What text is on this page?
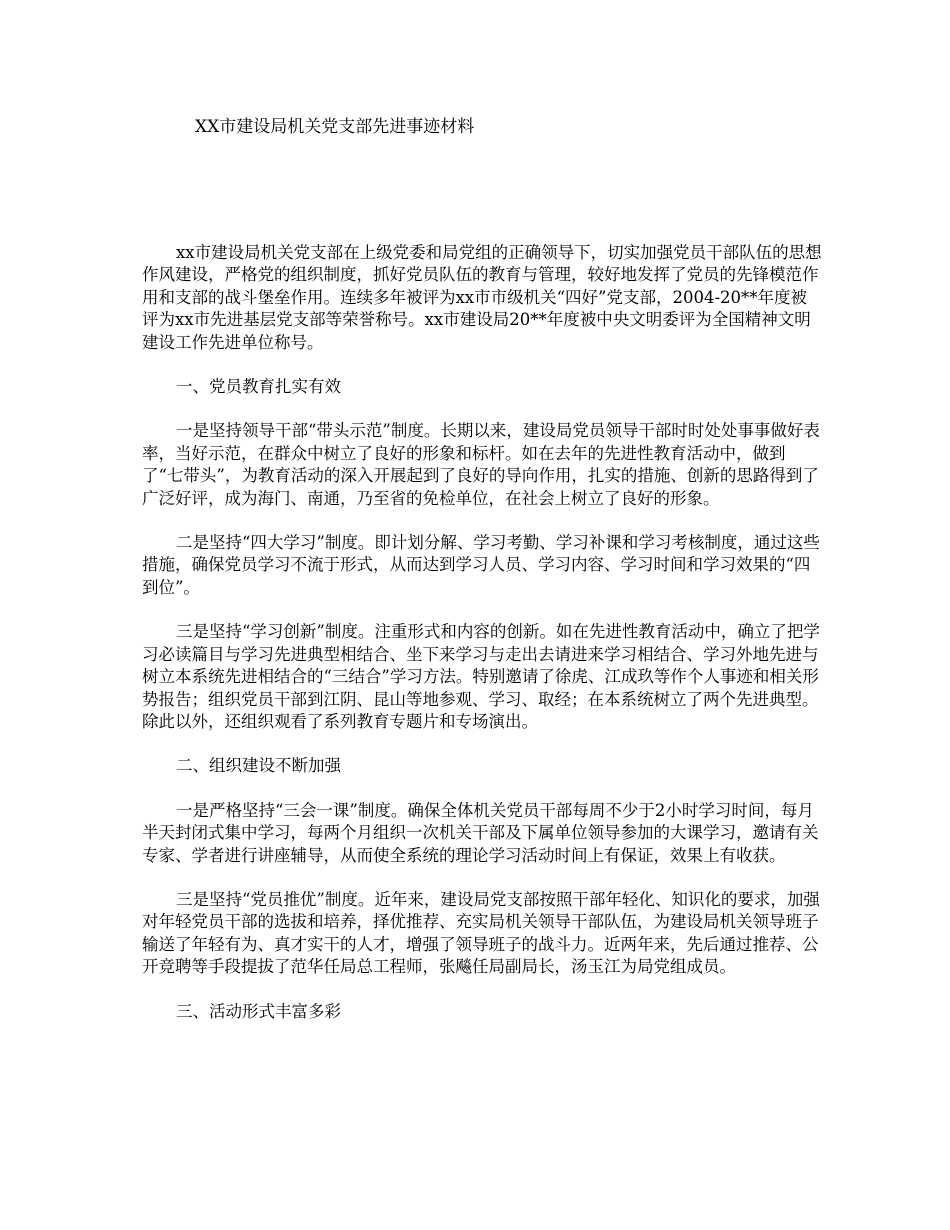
XX市建设局机关党支部先进事迹材料

xx市建设局机关党支部在上级党委和局党组的正确领导下，切实加强党员干部队伍的思想作风建设，严格党的组织制度，抓好党员队伍的教育与管理，较好地发挥了党员的先锋模范作用和支部的战斗堡垒作用。连续多年被评为xx市市级机关“四好”党支部，2004-20**年度被评为xx市先进基层党支部等荣誉称号。xx市建设局20**年度被中央文明委评为全国精神文明建设工作先进单位称号。

一、党员教育扎实有效

一是坚持领导干部“带头示范”制度。长期以来，建设局党员领导干部时时处处事事做好表率，当好示范，在群众中树立了良好的形象和标杆。如在去年的先进性教育活动中，做到了“七带头”，为教育活动的深入开展起到了良好的导向作用，扎实的措施、创新的思路得到了广泛好评，成为海门、南通，乃至省的免检单位，在社会上树立了良好的形象。

二是坚持“四大学习”制度。即计划分解、学习考勤、学习补课和学习考核制度，通过这些措施，确保党员学习不流于形式，从而达到学习人员、学习内容、学习时间和学习效果的“四到位”。

三是坚持“学习创新”制度。注重形式和内容的创新。如在先进性教育活动中，确立了把学习必读篇目与学习先进典型相结合、坐下来学习与走出去请进来学习相结合、学习外地先进与树立本系统先进相结合的“三结合”学习方法。特别邀请了徐虎、江成玖等作个人事迹和相关形势报告；组织党员干部到江阴、昆山等地参观、学习、取经；在本系统树立了两个先进典型。除此以外，还组织观看了系列教育专题片和专场演出。

二、组织建设不断加强

一是严格坚持“三会一课”制度。确保全体机关党员干部每周不少于2小时学习时间，每月半天封闭式集中学习，每两个月组织一次机关干部及下属单位领导参加的大课学习，邀请有关专家、学者进行讲座辅导，从而使全系统的理论学习活动时间上有保证，效果上有收获。

三是坚持“党员推优”制度。近年来，建设局党支部按照干部年轻化、知识化的要求，加强对年轻党员干部的选拔和培养，择优推荐、充实局机关领导干部队伍，为建设局机关领导班子输送了年轻有为、真才实干的人才，增强了领导班子的战斗力。近两年来，先后通过推荐、公开竞聘等手段提拔了范华任局总工程师，张飚任局副局长，汤玉江为局党组成员。

三、活动形式丰富多彩
